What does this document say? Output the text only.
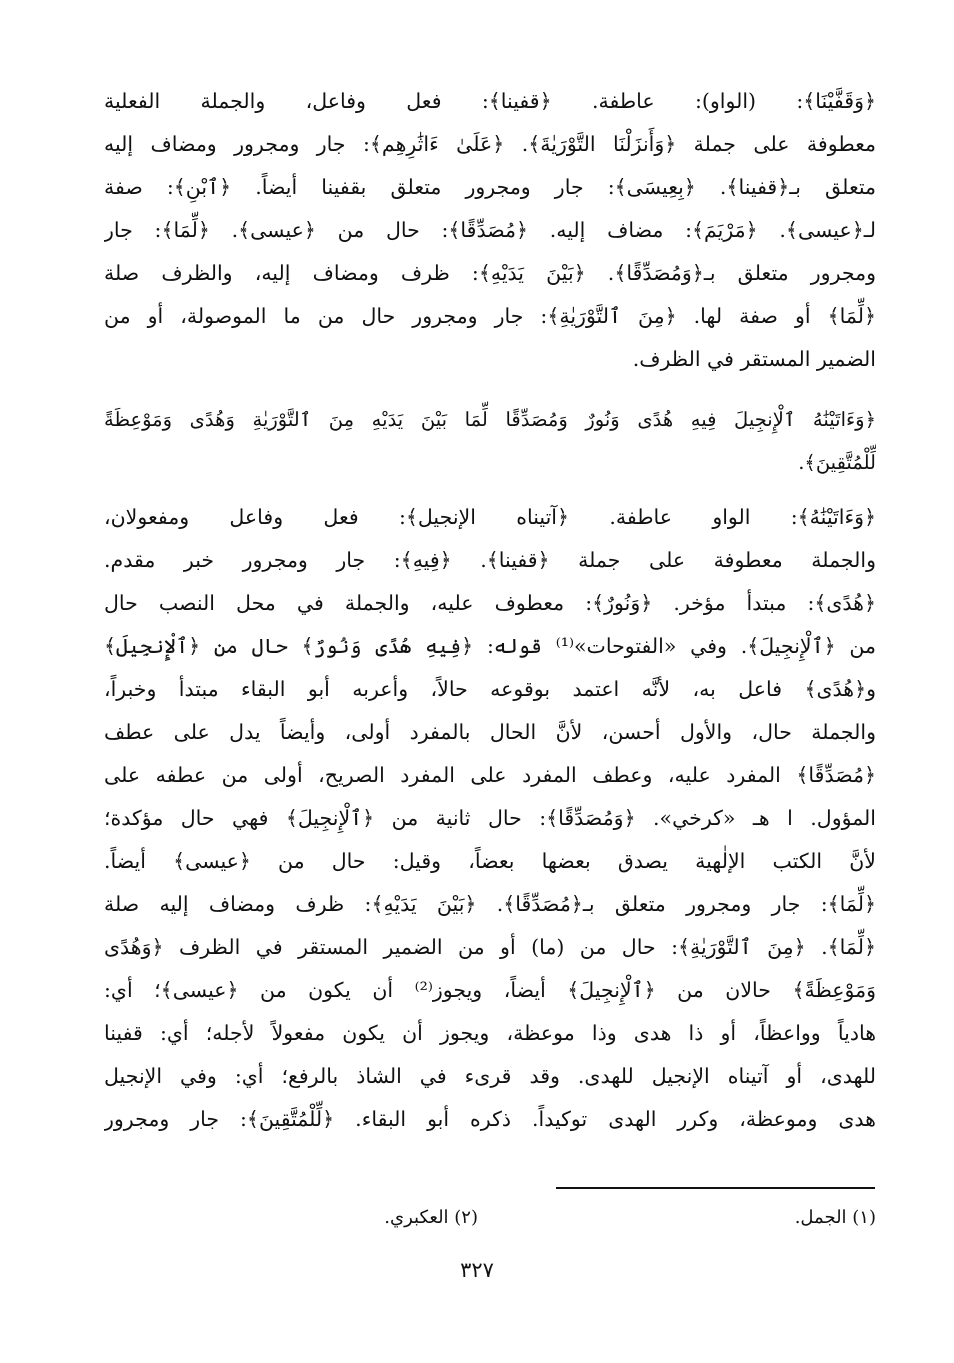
﴿وَقَفَّيْنَا﴾: (الواو): عاطفة. ﴿قفينا﴾: فعل وفاعل، والجملة الفعلية
معطوفة على جملة ﴿وَأَنزَلْنَا التَّوْرَيٰةَ﴾. ﴿عَلَىٰ ءَاثَٰرِهِم﴾: جار ومجرور ومضاف إليه
متعلق بـ﴿قفينا﴾. ﴿بِعِيسَى﴾: جار ومجرور متعلق بقفينا أيضاً. ﴿ٱبْنِ﴾: صفة
لـ﴿عيسى﴾. ﴿مَرْيَمَ﴾: مضاف إليه. ﴿مُصَدِّقًا﴾: حال من ﴿عيسى﴾. ﴿لِّمَا﴾: جار
ومجرور متعلق بـ﴿وَمُصَدِّقًا﴾. ﴿بَيْنَ يَدَيْهِ﴾: ظرف ومضاف إليه، والظرف صلة
﴿لِّمَا﴾ أو صفة لها. ﴿مِنَ ٱلتَّوْرَيٰةِ﴾: جار ومجرور حال من ما الموصولة، أو من
الضمير المستقر في الظرف.
﴿وَءَاتَيْنَٰهُ ٱلْإِنجِيلَ فِيهِ هُدًى وَنُورٌ وَمُصَدِّقًا لِّمَا بَيْنَ يَدَيْهِ مِنَ ٱلتَّوْرَيٰةِ وَهُدًى وَمَوْعِظَةً
لِّلْمُتَّقِينَ﴾.
﴿وَءَاتَيْنَٰهُ﴾: الواو عاطفة. ﴿آتيناه الإنجيل﴾: فعل وفاعل ومفعولان،
والجملة معطوفة على جملة ﴿قفينا﴾. ﴿فِيهِ﴾: جار ومجرور خبر مقدم.
﴿هُدًى﴾: مبتدأ مؤخر. ﴿وَنُورٌ﴾: معطوف عليه، والجملة في محل النصب حال
من ﴿ٱلْإِنجِيلَ﴾. وفي «الفتوحات»⁽¹⁾ قوله: ﴿فِيهِ هُدًى وَنُورٌ﴾ حال من ﴿ٱلْإِنجِيلَ﴾
و﴿هُدًى﴾ فاعل به، لأنَّه اعتمد بوقوعه حالاً، وأعربه أبو البقاء مبتدأ وخبراً،
والجملة حال، والأول أحسن، لأنَّ الحال بالمفرد أولى، وأيضاً يدل على عطف
﴿مُصَدِّقًا﴾ المفرد عليه، وعطف المفرد على المفرد الصريح، أولى من عطفه على
المؤول. ا هـ «كرخي». ﴿وَمُصَدِّقًا﴾: حال ثانية من ﴿ٱلْإِنجِيلَ﴾ فهي حال مؤكدة؛
لأنَّ الكتب الإلٰهية يصدق بعضها بعضاً، وقيل: حال من ﴿عيسى﴾ أيضاً.
﴿لِّمَا﴾: جار ومجرور متعلق بـ﴿مُصَدِّقًا﴾. ﴿بَيْنَ يَدَيْهِ﴾: ظرف ومضاف إليه صلة
﴿لِّمَا﴾. ﴿مِنَ ٱلتَّوْرَيٰةِ﴾: حال من (ما) أو من الضمير المستقر في الظرف ﴿وَهُدًى
وَمَوْعِظَةً﴾ حالان من ﴿ٱلْإِنجِيلَ﴾ أيضاً، ويجوز⁽²⁾ أن يكون من ﴿عيسى﴾؛ أي:
هادياً وواعظاً، أو ذا هدى وذا موعظة، ويجوز أن يكون مفعولاً لأجله؛ أي: قفينا
للهدى، أو آتيناه الإنجيل للهدى. وقد قرىء في الشاذ بالرفع؛ أي: وفي الإنجيل
هدى وموعظة، وكرر الهدى توكيداً. ذكره أبو البقاء. ﴿لِّلْمُتَّقِينَ﴾: جار ومجرور
(١) الجمل.
(٢) العكبري.
٣٢٧
